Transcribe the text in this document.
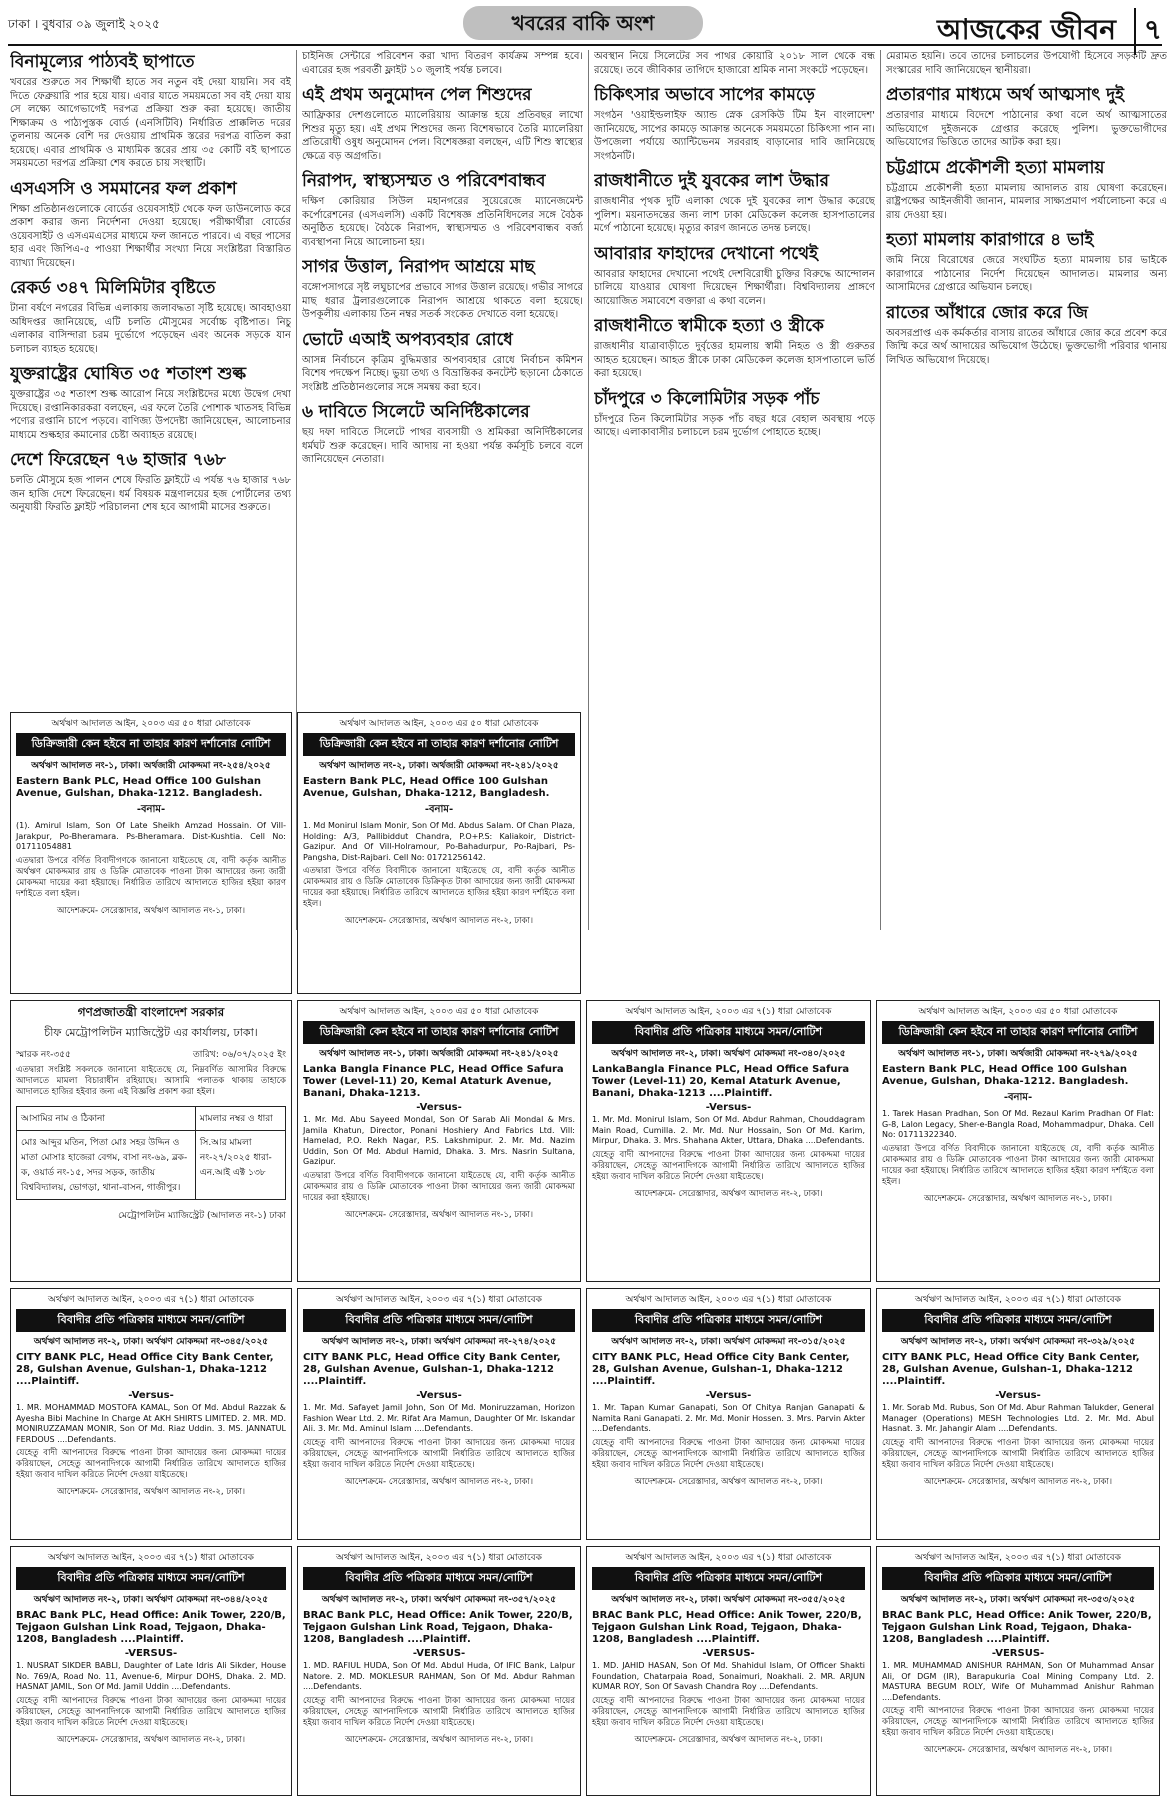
ঢাকা । বুধবার ০৯ জুলাই ২০২৫	খবরের বাকি অংশ	আজকের জীবন ৭
বিনামূল্যের পাঠ্যবই ছাপাতে

খবরের শুরুতে সব শিক্ষার্থী হাতে সব নতুন বই দেয়া যায়নি। সব বই দিতে ফেব্রুয়ারি পার হয়ে যায়। এবার যাতে সময়মতো সব বই দেয়া যায় সে লক্ষ্যে আগেভাগেই দরপত্র প্রক্রিয়া শুরু করা হয়েছে। জাতীয় শিক্ষাক্রম ও পাঠ্যপুস্তক বোর্ড (এনসিটিবি) নির্ধারিত প্রাক্কলিত দরের তুলনায় অনেক বেশি দর দেওয়ায় প্রাথমিক স্তরের দরপত্র বাতিল করা হয়েছে। এবার প্রাথমিক ও মাধ্যমিক স্তরের প্রায় ৩৫ কোটি বই ছাপাতে সময়মতো দরপত্র প্রক্রিয়া শেষ করতে চায় সংস্থাটি।

এসএসসি ও সমমানের ফল প্রকাশ

শিক্ষা প্রতিষ্ঠানগুলোকে বোর্ডের ওয়েবসাইট থেকে ফল ডাউনলোড করে প্রকাশ করার জন্য নির্দেশনা দেওয়া হয়েছে। পরীক্ষার্থীরা বোর্ডের ওয়েবসাইট ও এসএমএসের মাধ্যমে ফল জানতে পারবে। এ বছর পাসের হার এবং জিপিএ-৫ পাওয়া শিক্ষার্থীর সংখ্যা নিয়ে সংশ্লিষ্টরা বিস্তারিত ব্যাখ্যা দিয়েছেন।

রেকর্ড ৩৪৭ মিলিমিটার বৃষ্টিতে

টানা বর্ষণে নগরের বিভিন্ন এলাকায় জলাবদ্ধতা সৃষ্টি হয়েছে। আবহাওয়া অধিদপ্তর জানিয়েছে, এটি চলতি মৌসুমের সর্বোচ্চ বৃষ্টিপাত। নিচু এলাকার বাসিন্দারা চরম দুর্ভোগে পড়েছেন এবং অনেক সড়কে যান চলাচল ব্যাহত হয়েছে।

যুক্তরাষ্ট্রের ঘোষিত ৩৫ শতাংশ শুল্ক

যুক্তরাষ্ট্রের ৩৫ শতাংশ শুল্ক আরোপ নিয়ে সংশ্লিষ্টদের মধ্যে উদ্বেগ দেখা দিয়েছে। রপ্তানিকারকরা বলছেন, এর ফলে তৈরি পোশাক খাতসহ বিভিন্ন পণ্যের রপ্তানি চাপে পড়বে। বাণিজ্য উপদেষ্টা জানিয়েছেন, আলোচনার মাধ্যমে শুল্কহার কমানোর চেষ্টা অব্যাহত রয়েছে।

দেশে ফিরেছেন ৭৬ হাজার ৭৬৮

চলতি মৌসুমে হজ পালন শেষে ফিরতি ফ্লাইটে এ পর্যন্ত ৭৬ হাজার ৭৬৮ জন হাজি দেশে ফিরেছেন। ধর্ম বিষয়ক মন্ত্রণালয়ের হজ পোর্টালের তথ্য অনুযায়ী ফিরতি ফ্লাইট পরিচালনা শেষ হবে আগামী মাসের শুরুতে।

চাইনিজ সেন্টারে পরিবেশন করা খাদ্য বিতরণ কার্যক্রম সম্পন্ন হবে। এবারের হজ পরবর্তী ফ্লাইট ১০ জুলাই পর্যন্ত চলবে।

এই প্রথম অনুমোদন পেল শিশুদের

আফ্রিকার দেশগুলোতে ম্যালেরিয়ায় আক্রান্ত হয়ে প্রতিবছর লাখো শিশুর মৃত্যু হয়। এই প্রথম শিশুদের জন্য বিশেষভাবে তৈরি ম্যালেরিয়া প্রতিরোধী ওষুধ অনুমোদন পেল। বিশেষজ্ঞরা বলছেন, এটি শিশু স্বাস্থ্যের ক্ষেত্রে বড় অগ্রগতি।

নিরাপদ, স্বাস্থ্যসম্মত ও পরিবেশবান্ধব

দক্ষিণ কোরিয়ার সিউল মহানগরের সুয়েরেজে ম্যানেজমেন্ট কর্পোরেশনের (এসএলসি) একটি বিশেষজ্ঞ প্রতিনিধিদলের সঙ্গে বৈঠক অনুষ্ঠিত হয়েছে। বৈঠকে নিরাপদ, স্বাস্থ্যসম্মত ও পরিবেশবান্ধব বর্জ্য ব্যবস্থাপনা নিয়ে আলোচনা হয়।

সাগর উত্তাল, নিরাপদ আশ্রয়ে মাছ

বঙ্গোপসাগরে সৃষ্ট লঘুচাপের প্রভাবে সাগর উত্তাল রয়েছে। গভীর সাগরে মাছ ধরার ট্রলারগুলোকে নিরাপদ আশ্রয়ে থাকতে বলা হয়েছে। উপকূলীয় এলাকায় তিন নম্বর সতর্ক সংকেত দেখাতে বলা হয়েছে।

ভোটে এআই অপব্যবহার রোধে

আসন্ন নির্বাচনে কৃত্রিম বুদ্ধিমত্তার অপব্যবহার রোধে নির্বাচন কমিশন বিশেষ পদক্ষেপ নিচ্ছে। ভুয়া তথ্য ও বিভ্রান্তিকর কনটেন্ট ছড়ানো ঠেকাতে সংশ্লিষ্ট প্রতিষ্ঠানগুলোর সঙ্গে সমন্বয় করা হবে।

৬ দাবিতে সিলেটে অনির্দিষ্টকালের

ছয় দফা দাবিতে সিলেটে পাথর ব্যবসায়ী ও শ্রমিকরা অনির্দিষ্টকালের ধর্মঘট শুরু করেছেন। দাবি আদায় না হওয়া পর্যন্ত কর্মসূচি চলবে বলে জানিয়েছেন নেতারা।

অবস্থান নিয়ে সিলেটের সব পাথর কোয়ারি ২০১৮ সাল থেকে বন্ধ রয়েছে। তবে জীবিকার তাগিদে হাজারো শ্রমিক নানা সংকটে পড়েছেন।

চিকিৎসার অভাবে সাপের কামড়ে

সংগঠন 'ওয়াইল্ডলাইফ অ্যান্ড স্নেক রেসকিউ টিম ইন বাংলাদেশ' জানিয়েছে, সাপের কামড়ে আক্রান্ত অনেকে সময়মতো চিকিৎসা পান না। উপজেলা পর্যায়ে অ্যান্টিভেনম সরবরাহ বাড়ানোর দাবি জানিয়েছে সংগঠনটি।

রাজধানীতে দুই যুবকের লাশ উদ্ধার

রাজধানীর পৃথক দুটি এলাকা থেকে দুই যুবকের লাশ উদ্ধার করেছে পুলিশ। ময়নাতদন্তের জন্য লাশ ঢাকা মেডিকেল কলেজ হাসপাতালের মর্গে পাঠানো হয়েছে। মৃত্যুর কারণ জানতে তদন্ত চলছে।

আবারার ফাহাদের দেখানো পথেই

আবরার ফাহাদের দেখানো পথেই দেশবিরোধী চুক্তির বিরুদ্ধে আন্দোলন চালিয়ে যাওয়ার ঘোষণা দিয়েছেন শিক্ষার্থীরা। বিশ্ববিদ্যালয় প্রাঙ্গণে আয়োজিত সমাবেশে বক্তারা এ কথা বলেন।

রাজধানীতে স্বামীকে হত্যা ও স্ত্রীকে

রাজধানীর যাত্রাবাড়ীতে দুর্বৃত্তের হামলায় স্বামী নিহত ও স্ত্রী গুরুতর আহত হয়েছেন। আহত স্ত্রীকে ঢাকা মেডিকেল কলেজ হাসপাতালে ভর্তি করা হয়েছে।

চাঁদপুরে ৩ কিলোমিটার সড়ক পাঁচ

চাঁদপুরে তিন কিলোমিটার সড়ক পাঁচ বছর ধরে বেহাল অবস্থায় পড়ে আছে। এলাকাবাসীর চলাচলে চরম দুর্ভোগ পোহাতে হচ্ছে।

মেরামত হয়নি। তবে তাদের চলাচলের উপযোগী হিসেবে সড়কটি দ্রুত সংস্কারের দাবি জানিয়েছেন স্থানীয়রা।

প্রতারণার মাধ্যমে অর্থ আত্মসাৎ দুই

প্রতারণার মাধ্যমে বিদেশে পাঠানোর কথা বলে অর্থ আত্মসাতের অভিযোগে দুইজনকে গ্রেপ্তার করেছে পুলিশ। ভুক্তভোগীদের অভিযোগের ভিত্তিতে তাদের আটক করা হয়।

চট্টগ্রামে প্রকৌশলী হত্যা মামলায়

চট্টগ্রামে প্রকৌশলী হত্যা মামলায় আদালত রায় ঘোষণা করেছেন। রাষ্ট্রপক্ষের আইনজীবী জানান, মামলার সাক্ষ্যপ্রমাণ পর্যালোচনা করে এ রায় দেওয়া হয়।

হত্যা মামলায় কারাগারে ৪ ভাই

জমি নিয়ে বিরোধের জেরে সংঘটিত হত্যা মামলায় চার ভাইকে কারাগারে পাঠানোর নির্দেশ দিয়েছেন আদালত। মামলার অন্য আসামিদের গ্রেপ্তারে অভিযান চলছে।

রাতের আঁধারে জোর করে জি

অবসরপ্রাপ্ত এক কর্মকর্তার বাসায় রাতের আঁধারে জোর করে প্রবেশ করে জিম্মি করে অর্থ আদায়ের অভিযোগ উঠেছে। ভুক্তভোগী পরিবার থানায় লিখিত অভিযোগ দিয়েছে।

অর্থঋণ আদালত আইন, ২০০৩ এর ৫০ ধারা মোতাবেক
ডিক্রিজারী কেন হইবে না তাহার কারণ দর্শানোর নোটিশ
অর্থঋণ আদালত নং-১, ঢাকা। অর্থজারী মোকদ্দমা নং-২৫৪/২০২৫
Eastern Bank PLC, Head Office 100 Gulshan Avenue, Gulshan, Dhaka-1212. Bangladesh.
-বনাম-
(1). Amirul Islam, Son Of Late Sheikh Amzad Hossain. Of Vill-Jarakpur, Po-Bheramara. Ps-Bheramara. Dist-Kushtia. Cell No: 01711054881
এতদ্বারা উপরে বর্ণিত বিবাদীগণকে জানানো যাইতেছে যে, বাদী কর্তৃক আনীত অর্থঋণ মোকদ্দমার রায় ও ডিক্রি মোতাবেক পাওনা টাকা আদায়ের জন্য জারী মোকদ্দমা দায়ের করা হইয়াছে। নির্ধারিত তারিখে আদালতে হাজির হইয়া কারণ দর্শাইতে বলা হইল।
আদেশক্রমে- সেরেস্তাদার, অর্থঋণ আদালত নং-১, ঢাকা।
অর্থঋণ আদালত আইন, ২০০৩ এর ৫০ ধারা মোতাবেক
ডিক্রিজারী কেন হইবে না তাহার কারণ দর্শানোর নোটিশ
অর্থঋণ আদালত নং-২, ঢাকা। অর্থজারী মোকদ্দমা নং-২৪১/২০২৫
Eastern Bank PLC, Head Office 100 Gulshan Avenue, Gulshan, Dhaka-1212, Bangladesh.
-বনাম-
1. Md Monirul Islam Monir, Son Of Md. Abdus Salam. Of Chan Plaza, Holding: A/3, Pallibiddut Chandra, P.O+P.S: Kaliakoir, District-Gazipur. And Of Vill-Holramour, Po-Bahadurpur, Po-Rajbari, Ps-Pangsha, Dist-Rajbari. Cell No: 01721256142.
এতদ্বারা উপরে বর্ণিত বিবাদীকে জানানো যাইতেছে যে, বাদী কর্তৃক আনীত মোকদ্দমার রায় ও ডিক্রি মোতাবেক ডিক্রিকৃত টাকা আদায়ের জন্য জারী মোকদ্দমা দায়ের করা হইয়াছে। নির্ধারিত তারিখে আদালতে হাজির হইয়া কারণ দর্শাইতে বলা হইল।
আদেশক্রমে- সেরেস্তাদার, অর্থঋণ আদালত নং-২, ঢাকা।
অর্থঋণ আদালত আইন, ২০০৩ এর ৫০ ধারা মোতাবেক
ডিক্রিজারী কেন হইবে না তাহার কারণ দর্শানোর নোটিশ
অর্থঋণ আদালত নং-১, ঢাকা। অর্থজারী মোকদ্দমা নং-২৭৯/২০২৫
Eastern Bank PLC, Head Office 100 Gulshan Avenue, Gulshan, Dhaka-1212. Bangladesh.
-বনাম-
1. Tarek Hasan Pradhan, Son Of Md. Rezaul Karim Pradhan Of Flat: G-8, Lalon Legacy, Sher-e-Bangla Road, Mohammadpur, Dhaka. Cell No: 01711322340.
এতদ্বারা উপরে বর্ণিত বিবাদীকে জানানো যাইতেছে যে, বাদী কর্তৃক আনীত মোকদ্দমার রায় ও ডিক্রি মোতাবেক পাওনা টাকা আদায়ের জন্য জারী মোকদ্দমা দায়ের করা হইয়াছে। নির্ধারিত তারিখে আদালতে হাজির হইয়া কারণ দর্শাইতে বলা হইল।
আদেশক্রমে- সেরেস্তাদার, অর্থঋণ আদালত নং-১, ঢাকা।
গণপ্রজাতন্ত্রী বাংলাদেশ সরকার
চীফ মেট্রোপলিটন ম্যাজিস্ট্রেট এর কার্যালয়, ঢাকা।
স্মারক নং-৩৫৫	তারিখ: ০৬/০৭/২০২৫ ইং
এতদ্বারা সংশ্লিষ্ট সকলকে জানানো যাইতেছে যে, নিম্নবর্ণিত আসামির বিরুদ্ধে আদালতে মামলা বিচারাধীন রহিয়াছে। আসামি পলাতক থাকায় তাহাকে আদালতে হাজির হইবার জন্য এই বিজ্ঞপ্তি প্রকাশ করা হইল।
আসামির নাম ও ঠিকানা	মামলার নম্বর ও ধারা
মোঃ আব্দুর মতিন, পিতা মোঃ সহর উদ্দিন ও মাতা মোসাঃ হাজেরা বেগম, বাসা নং-৬৯, ব্লক-ক, ওয়ার্ড নং-১৫, সদর সড়ক, জাতীয় বিশ্ববিদ্যালয়, ভোগড়া, থানা-বাসন, গাজীপুর।	সি.আর মামলা নং-২৭/২০২৫ ধারা-এন.আই এক্ট ১৩৮
মেট্রোপলিটন ম্যাজিস্ট্রেট (আদালত নং-১) ঢাকা
অর্থঋণ আদালত আইন, ২০০৩ এর ৫০ ধারা মোতাবেক
ডিক্রিজারী কেন হইবে না তাহার কারণ দর্শানোর নোটিশ
অর্থঋণ আদালত নং-১, ঢাকা। অর্থজারী মোকদ্দমা নং-২৪১/২০২৫
Lanka Bangla Finance PLC, Head Office Safura Tower (Level-11) 20, Kemal Ataturk Avenue, Banani, Dhaka-1213.
-Versus-
1. Mr. Md. Abu Sayeed Mondal, Son Of Sarab Ali Mondal & Mrs. Jamila Khatun, Director, Ponani Hoshiery And Fabrics Ltd. Vill: Hamelad, P.O. Rekh Nagar, P.S. Lakshmipur. 2. Mr. Md. Nazim Uddin, Son Of Md. Abdul Hamid, Dhaka. 3. Mrs. Nasrin Sultana, Gazipur.
এতদ্বারা উপরে বর্ণিত বিবাদীগণকে জানানো যাইতেছে যে, বাদী কর্তৃক আনীত মোকদ্দমার রায় ও ডিক্রি মোতাবেক পাওনা টাকা আদায়ের জন্য জারী মোকদ্দমা দায়ের করা হইয়াছে।
আদেশক্রমে- সেরেস্তাদার, অর্থঋণ আদালত নং-১, ঢাকা।
অর্থঋণ আদালত আইন, ২০০৩ এর ৭(১) ধারা মোতাবেক
বিবাদীর প্রতি পত্রিকার মাধ্যমে সমন/নোটিশ
অর্থঋণ আদালত নং-২, ঢাকা। অর্থঋণ মোকদ্দমা নং-৩৪০/২০২৫
LankaBangla Finance PLC, Head Office Safura Tower (Level-11) 20, Kemal Ataturk Avenue, Banani, Dhaka-1213 ....Plaintiff.
-Versus-
1. Mr. Md. Monirul Islam, Son Of Md. Abdur Rahman, Chouddagram Main Road, Cumilla. 2. Mr. Md. Nur Hossain, Son Of Md. Karim, Mirpur, Dhaka. 3. Mrs. Shahana Akter, Uttara, Dhaka ....Defendants.
যেহেতু বাদী আপনাদের বিরুদ্ধে পাওনা টাকা আদায়ের জন্য মোকদ্দমা দায়ের করিয়াছেন, সেহেতু আপনাদিগকে আগামী নির্ধারিত তারিখে আদালতে হাজির হইয়া জবাব দাখিল করিতে নির্দেশ দেওয়া যাইতেছে।
আদেশক্রমে- সেরেস্তাদার, অর্থঋণ আদালত নং-২, ঢাকা।
অর্থঋণ আদালত আইন, ২০০৩ এর ৭(১) ধারা মোতাবেক
বিবাদীর প্রতি পত্রিকার মাধ্যমে সমন/নোটিশ
অর্থঋণ আদালত নং-২, ঢাকা। অর্থঋণ মোকদ্দমা নং-৩৪৫/২০২৫
CITY BANK PLC, Head Office City Bank Center, 28, Gulshan Avenue, Gulshan-1, Dhaka-1212 ....Plaintiff.
-Versus-
1. MR. MOHAMMAD MOSTOFA KAMAL, Son Of Md. Abdul Razzak & Ayesha Bibi Machine In Charge At AKH SHIRTS LIMITED. 2. MR. MD. MONIRUZZAMAN MONIR, Son Of Md. Riaz Uddin. 3. MS. JANNATUL FERDOUS ....Defendants.
যেহেতু বাদী আপনাদের বিরুদ্ধে পাওনা টাকা আদায়ের জন্য মোকদ্দমা দায়ের করিয়াছেন, সেহেতু আপনাদিগকে আগামী নির্ধারিত তারিখে আদালতে হাজির হইয়া জবাব দাখিল করিতে নির্দেশ দেওয়া যাইতেছে।
আদেশক্রমে- সেরেস্তাদার, অর্থঋণ আদালত নং-২, ঢাকা।
অর্থঋণ আদালত আইন, ২০০৩ এর ৭(১) ধারা মোতাবেক
বিবাদীর প্রতি পত্রিকার মাধ্যমে সমন/নোটিশ
অর্থঋণ আদালত নং-২, ঢাকা। অর্থঋণ মোকদ্দমা নং-২৭৪/২০২৫
CITY BANK PLC, Head Office City Bank Center, 28, Gulshan Avenue, Gulshan-1, Dhaka-1212 ....Plaintiff.
-Versus-
1. Mr. Md. Safayet Jamil John, Son Of Md. Moniruzzaman, Horizon Fashion Wear Ltd. 2. Mr. Rifat Ara Mamun, Daughter Of Mr. Iskandar Ali. 3. Mr. Md. Aminul Islam ....Defendants.
যেহেতু বাদী আপনাদের বিরুদ্ধে পাওনা টাকা আদায়ের জন্য মোকদ্দমা দায়ের করিয়াছেন, সেহেতু আপনাদিগকে আগামী নির্ধারিত তারিখে আদালতে হাজির হইয়া জবাব দাখিল করিতে নির্দেশ দেওয়া যাইতেছে।
আদেশক্রমে- সেরেস্তাদার, অর্থঋণ আদালত নং-২, ঢাকা।
অর্থঋণ আদালত আইন, ২০০৩ এর ৭(১) ধারা মোতাবেক
বিবাদীর প্রতি পত্রিকার মাধ্যমে সমন/নোটিশ
অর্থঋণ আদালত নং-২, ঢাকা। অর্থঋণ মোকদ্দমা নং-৩১৫/২০২৫
CITY BANK PLC, Head Office City Bank Center, 28, Gulshan Avenue, Gulshan-1, Dhaka-1212 ....Plaintiff.
-Versus-
1. Mr. Tapan Kumar Ganapati, Son Of Chitya Ranjan Ganapati & Namita Rani Ganapati. 2. Mr. Md. Monir Hossen. 3. Mrs. Parvin Akter ....Defendants.
যেহেতু বাদী আপনাদের বিরুদ্ধে পাওনা টাকা আদায়ের জন্য মোকদ্দমা দায়ের করিয়াছেন, সেহেতু আপনাদিগকে আগামী নির্ধারিত তারিখে আদালতে হাজির হইয়া জবাব দাখিল করিতে নির্দেশ দেওয়া যাইতেছে।
আদেশক্রমে- সেরেস্তাদার, অর্থঋণ আদালত নং-২, ঢাকা।
অর্থঋণ আদালত আইন, ২০০৩ এর ৭(১) ধারা মোতাবেক
বিবাদীর প্রতি পত্রিকার মাধ্যমে সমন/নোটিশ
অর্থঋণ আদালত নং-২, ঢাকা। অর্থঋণ মোকদ্দমা নং-৩২৯/২০২৫
CITY BANK PLC, Head Office City Bank Center, 28, Gulshan Avenue, Gulshan-1, Dhaka-1212 ....Plaintiff.
-Versus-
1. Mr. Sorab Md. Rubus, Son Of Md. Abur Rahman Talukder, General Manager (Operations) MESH Technologies Ltd. 2. Mr. Md. Abul Hasnat. 3. Mr. Jahangir Alam ....Defendants.
যেহেতু বাদী আপনাদের বিরুদ্ধে পাওনা টাকা আদায়ের জন্য মোকদ্দমা দায়ের করিয়াছেন, সেহেতু আপনাদিগকে আগামী নির্ধারিত তারিখে আদালতে হাজির হইয়া জবাব দাখিল করিতে নির্দেশ দেওয়া যাইতেছে।
আদেশক্রমে- সেরেস্তাদার, অর্থঋণ আদালত নং-২, ঢাকা।
অর্থঋণ আদালত আইন, ২০০৩ এর ৭(১) ধারা মোতাবেক
বিবাদীর প্রতি পত্রিকার মাধ্যমে সমন/নোটিশ
অর্থঋণ আদালত নং-২, ঢাকা। অর্থঋণ মোকদ্দমা নং-৩৪৪/২০২৫
BRAC Bank PLC, Head Office: Anik Tower, 220/B, Tejgaon Gulshan Link Road, Tejgaon, Dhaka-1208, Bangladesh ....Plaintiff.
-VERSUS-
1. NUSRAT SIKDER BABLI, Daughter of Late Idris Ali Sikder, House No. 769/A, Road No. 11, Avenue-6, Mirpur DOHS, Dhaka. 2. MD. HASNAT JAMIL, Son Of Md. Jamil Uddin ....Defendants.
যেহেতু বাদী আপনাদের বিরুদ্ধে পাওনা টাকা আদায়ের জন্য মোকদ্দমা দায়ের করিয়াছেন, সেহেতু আপনাদিগকে আগামী নির্ধারিত তারিখে আদালতে হাজির হইয়া জবাব দাখিল করিতে নির্দেশ দেওয়া যাইতেছে।
আদেশক্রমে- সেরেস্তাদার, অর্থঋণ আদালত নং-২, ঢাকা।
অর্থঋণ আদালত আইন, ২০০৩ এর ৭(১) ধারা মোতাবেক
বিবাদীর প্রতি পত্রিকার মাধ্যমে সমন/নোটিশ
অর্থঋণ আদালত নং-২, ঢাকা। অর্থঋণ মোকদ্দমা নং-৩৫৭/২০২৫
BRAC Bank PLC, Head Office: Anik Tower, 220/B, Tejgaon Gulshan Link Road, Tejgaon, Dhaka-1208, Bangladesh ....Plaintiff.
-VERSUS-
1. MD. RAFIUL HUDA, Son Of Md. Abdul Huda, Of IFIC Bank, Lalpur Natore. 2. MD. MOKLESUR RAHMAN, Son Of Md. Abdur Rahman ....Defendants.
যেহেতু বাদী আপনাদের বিরুদ্ধে পাওনা টাকা আদায়ের জন্য মোকদ্দমা দায়ের করিয়াছেন, সেহেতু আপনাদিগকে আগামী নির্ধারিত তারিখে আদালতে হাজির হইয়া জবাব দাখিল করিতে নির্দেশ দেওয়া যাইতেছে।
আদেশক্রমে- সেরেস্তাদার, অর্থঋণ আদালত নং-২, ঢাকা।
অর্থঋণ আদালত আইন, ২০০৩ এর ৭(১) ধারা মোতাবেক
বিবাদীর প্রতি পত্রিকার মাধ্যমে সমন/নোটিশ
অর্থঋণ আদালত নং-২, ঢাকা। অর্থঋণ মোকদ্দমা নং-৩৫৫/২০২৫
BRAC Bank PLC, Head Office: Anik Tower, 220/B, Tejgaon Gulshan Link Road, Tejgaon, Dhaka-1208, Bangladesh ....Plaintiff.
-VERSUS-
1. MD. JAHID HASAN, Son Of Md. Shahidul Islam, Of Officer Shakti Foundation, Chatarpaia Road, Sonaimuri, Noakhali. 2. MR. ARJUN KUMAR ROY, Son Of Savash Chandra Roy ....Defendants.
যেহেতু বাদী আপনাদের বিরুদ্ধে পাওনা টাকা আদায়ের জন্য মোকদ্দমা দায়ের করিয়াছেন, সেহেতু আপনাদিগকে আগামী নির্ধারিত তারিখে আদালতে হাজির হইয়া জবাব দাখিল করিতে নির্দেশ দেওয়া যাইতেছে।
আদেশক্রমে- সেরেস্তাদার, অর্থঋণ আদালত নং-২, ঢাকা।
অর্থঋণ আদালত আইন, ২০০৩ এর ৭(১) ধারা মোতাবেক
বিবাদীর প্রতি পত্রিকার মাধ্যমে সমন/নোটিশ
অর্থঋণ আদালত নং-২, ঢাকা। অর্থঋণ মোকদ্দমা নং-৩৫৩/২০২৫
BRAC Bank PLC, Head Office: Anik Tower, 220/B, Tejgaon Gulshan Link Road, Tejgaon, Dhaka-1208, Bangladesh ....Plaintiff.
-VERSUS-
1. MR. MUHAMMAD ANISHUR RAHMAN, Son Of Muhammad Ansar Ali, Of DGM (IR), Barapukuria Coal Mining Company Ltd. 2. MASTURA BEGUM ROLY, Wife Of Muhammad Anishur Rahman ....Defendants.
যেহেতু বাদী আপনাদের বিরুদ্ধে পাওনা টাকা আদায়ের জন্য মোকদ্দমা দায়ের করিয়াছেন, সেহেতু আপনাদিগকে আগামী নির্ধারিত তারিখে আদালতে হাজির হইয়া জবাব দাখিল করিতে নির্দেশ দেওয়া যাইতেছে।
আদেশক্রমে- সেরেস্তাদার, অর্থঋণ আদালত নং-২, ঢাকা।
